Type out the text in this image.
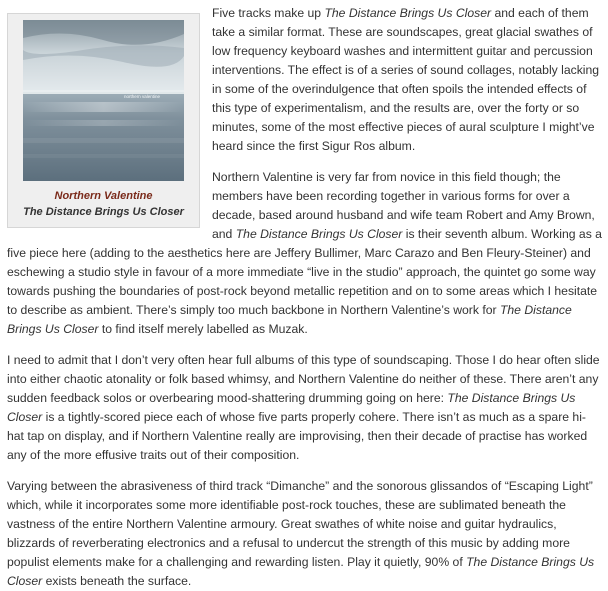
northern valentine
Northern Valentine
The Distance Brings Us Closer

Five tracks make up The Distance Brings Us Closer and each of them take a similar format. These are soundscapes, great glacial swathes of low frequency keyboard washes and intermittent guitar and percussion interventions. The effect is of a series of sound collages, notably lacking in some of the overindulgence that often spoils the intended effects of this type of experimentalism, and the results are, over the forty or so minutes, some of the most effective pieces of aural sculpture I might’ve heard since the first Sigur Ros album.

Northern Valentine is very far from novice in this field though; the members have been recording together in various forms for over a decade, based around husband and wife team Robert and Amy Brown, and The Distance Brings Us Closer is their seventh album. Working as a five piece here (adding to the aesthetics here are Jeffery Bullimer, Marc Carazo and Ben Fleury-Steiner) and eschewing a studio style in favour of a more immediate “live in the studio” approach, the quintet go some way towards pushing the boundaries of post-rock beyond metallic repetition and on to some areas which I hesitate to describe as ambient. There’s simply too much backbone in Northern Valentine’s work for The Distance Brings Us Closer to find itself merely labelled as Muzak.

I need to admit that I don’t very often hear full albums of this type of soundscaping. Those I do hear often slide into either chaotic atonality or folk based whimsy, and Northern Valentine do neither of these. There aren’t any sudden feedback solos or overbearing mood-shattering drumming going on here: The Distance Brings Us Closer is a tightly-scored piece each of whose five parts properly cohere. There isn’t as much as a spare hi-hat tap on display, and if Northern Valentine really are improvising, then their decade of practise has worked any of the more effusive traits out of their composition.

Varying between the abrasiveness of third track “Dimanche” and the sonorous glissandos of “Escaping Light” which, while it incorporates some more identifiable post-rock touches, these are sublimated beneath the vastness of the entire Northern Valentine armoury. Great swathes of white noise and guitar hydraulics, blizzards of reverberating electronics and a refusal to undercut the strength of this music by adding more populist elements make for a challenging and rewarding listen. Play it quietly, 90% of The Distance Brings Us Closer exists beneath the surface.
